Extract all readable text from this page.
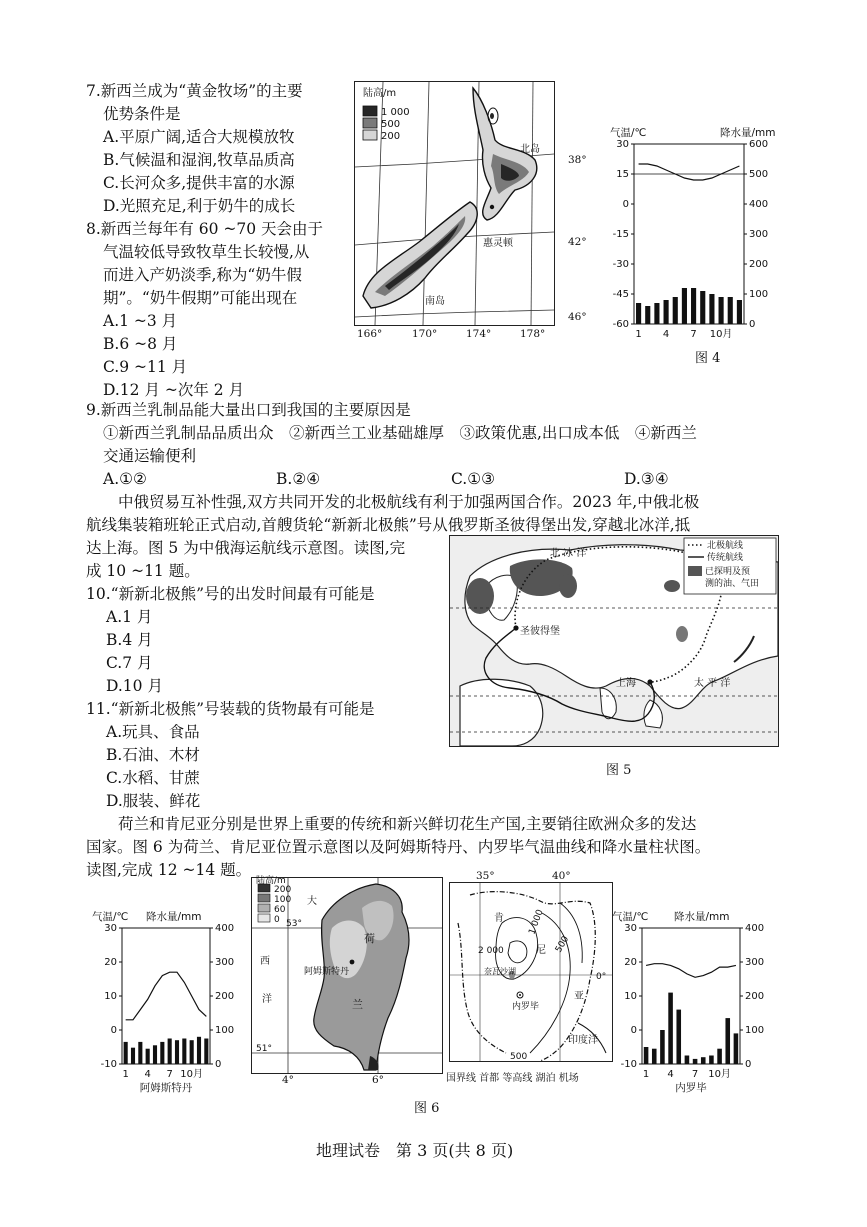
7.新西兰成为“黄金牧场”的主要
优势条件是
A.平原广阔,适合大规模放牧
B.气候温和湿润,牧草品质高
C.长河众多,提供丰富的水源
D.光照充足,利于奶牛的成长
8.新西兰每年有 60 ~70 天会由于
气温较低导致牧草生长较慢,从
而进入产奶淡季,称为“奶牛假
期”。“奶牛假期”可能出现在
A.1 ~3 月
B.6 ~8 月
C.9 ~11 月
D.12 月 ~次年 2 月
陆高/m
1 000
500
200
北岛
南岛
惠灵顿
38°
42°
46°
166°	170°	174°	178°
30
15
0
-15
-30
-45
-60
600
500
400
300
200
100
0
气温/℃	降水量/mm
1 4 7 10月
图 4
9.新西兰乳制品能大量出口到我国的主要原因是
①新西兰乳制品品质出众　②新西兰工业基础雄厚　③政策优惠,出口成本低　④新西兰
交通运输便利
A.①②	B.②④	C.①③	D.③④
中俄贸易互补性强,双方共同开发的北极航线有利于加强两国合作。2023 年,中俄北极
航线集装箱班轮正式启动,首艘货轮“新新北极熊”号从俄罗斯圣彼得堡出发,穿越北冰洋,抵
达上海。图 5 为中俄海运航线示意图。读图,完
成 10 ~11 题。
10.“新新北极熊”号的出发时间最有可能是
A.1 月
B.4 月
C.7 月
D.10 月
11.“新新北极熊”号装载的货物最有可能是
A.玩具、食品
B.石油、木材
C.水稻、甘蔗
D.服装、鲜花
北极航线
传统航线
已探明及预
测的油、气田
北 冰 洋
圣彼得堡
上海	太 平 洋
图 5
荷兰和肯尼亚分别是世界上重要的传统和新兴鲜切花生产国,主要销往欧洲众多的发达
国家。图 6 为荷兰、肯尼亚位置示意图以及阿姆斯特丹、内罗毕气温曲线和降水量柱状图。
读图,完成 12 ~14 题。
30
20
10
0
-10
400
300
200
100
0
气温/℃ 降水量/mm
1 4 7 10月
阿姆斯特丹
陆高/m
200
100
60
0
大
西
洋
荷
兰
阿姆斯特丹
53°
51°
4°	6°
35°	40°
肯
尼
亚
2 000
1 000
500
奈瓦沙湖
内罗毕
0°
印度洋
500
国界线 首都 等高线 湖泊 机场
30
20
10
0
-10
400
300
200
100
0
气温/℃ 降水量/mm
1 4 7 10月
内罗毕
图 6
地理试卷　第 3 页(共 8 页)
